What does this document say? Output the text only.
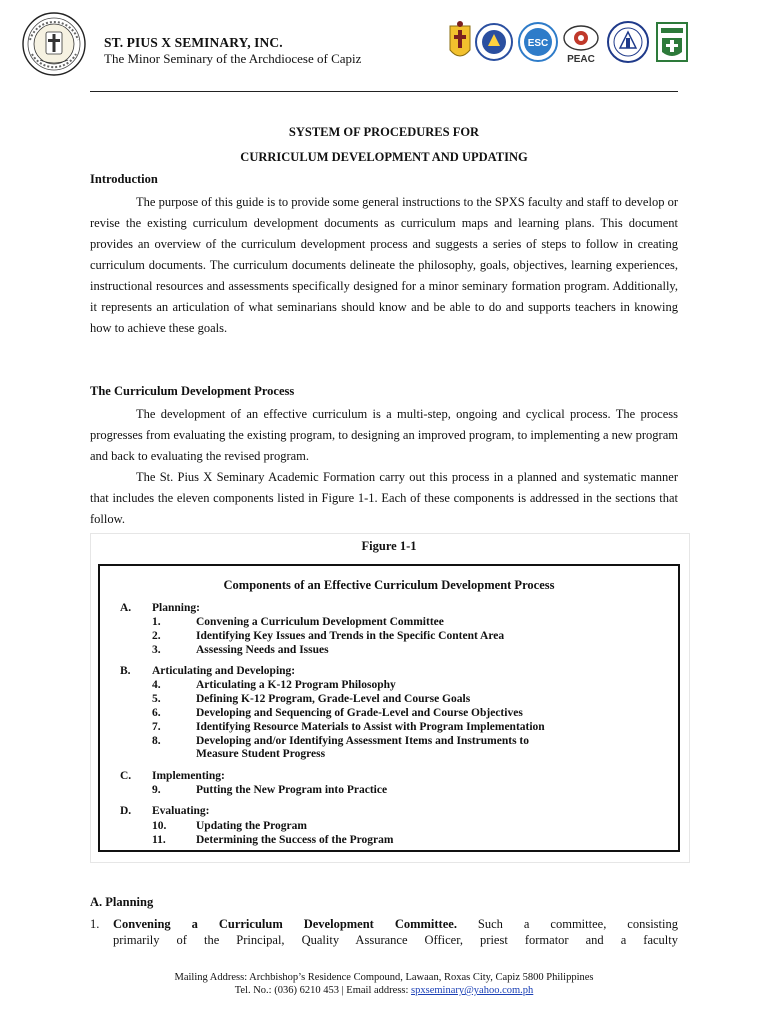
ST. PIUS X SEMINARY, INC.
The Minor Seminary of the Archdiocese of Capiz
ESC
PEAC
SYSTEM OF PROCEDURES FOR
CURRICULUM DEVELOPMENT AND UPDATING
Introduction

The purpose of this guide is to provide some general instructions to the SPXS faculty and staff to develop or revise the existing curriculum development documents as curriculum maps and learning plans. This document provides an overview of the curriculum development process and suggests a series of steps to follow in creating curriculum documents. The curriculum documents delineate the philosophy, goals, objectives, learning experiences, instructional resources and assessments specifically designed for a minor seminary formation program. Additionally, it represents an articulation of what seminarians should know and be able to do and supports teachers in knowing how to achieve these goals.

The Curriculum Development Process

The development of an effective curriculum is a multi-step, ongoing and cyclical process. The process progresses from evaluating the existing program, to designing an improved program, to implementing a new program and back to evaluating the revised program.

The St. Pius X Seminary Academic Formation carry out this process in a planned and systematic manner that includes the eleven components listed in Figure 1-1. Each of these components is addressed in the sections that follow.

Figure 1-1
Components of an Effective Curriculum Development Process
A. Planning:
1.	Convening a Curriculum Development Committee
2.	Identifying Key Issues and Trends in the Specific Content Area
3.	Assessing Needs and Issues
B. Articulating and Developing:
4.	Articulating a K-12 Program Philosophy
5.	Defining K-12 Program, Grade-Level and Course Goals
6.	Developing and Sequencing of Grade-Level and Course Objectives
7.	Identifying Resource Materials to Assist with Program Implementation
8.	Developing and/or Identifying Assessment Items and Instruments to
Measure Student Progress
C. Implementing:
9.	Putting the New Program into Practice
D. Evaluating:
10.	Updating the Program
11.	Determining the Success of the Program
A. Planning
1. Convening a Curriculum Development Committee. Such a committee, consisting
primarily of the Principal, Quality Assurance Officer, priest formator and a faculty
Mailing Address: Archbishop’s Residence Compound, Lawaan, Roxas City, Capiz 5800 Philippines
Tel. No.: (036) 6210 453 | Email address: spxseminary@yahoo.com.ph
